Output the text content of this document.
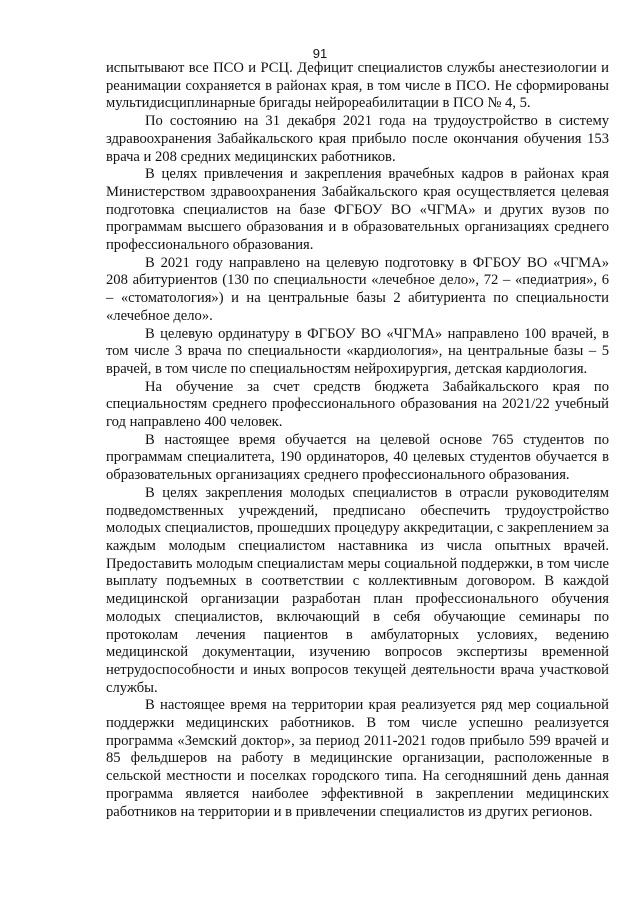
91

испытывают все ПСО и РСЦ. Дефицит специалистов службы анестезиологии и реанимации сохраняется в районах края, в том числе в ПСО. Не сформированы мультидисциплинарные бригады нейрореабилитации в ПСО № 4, 5.

По состоянию на 31 декабря 2021 года на трудоустройство в систему здравоохранения Забайкальского края прибыло после окончания обучения 153 врача и 208 средних медицинских работников.

В целях привлечения и закрепления врачебных кадров в районах края Министерством здравоохранения Забайкальского края осуществляется целевая подготовка специалистов на базе ФГБОУ ВО «ЧГМА» и других вузов по программам высшего образования и в образовательных организациях среднего профессионального образования.

В 2021 году направлено на целевую подготовку в ФГБОУ ВО «ЧГМА» 208 абитуриентов (130 по специальности «лечебное дело», 72 – «педиатрия», 6 – «стоматология») и на центральные базы 2 абитуриента по специальности «лечебное дело».

В целевую ординатуру в ФГБОУ ВО «ЧГМА» направлено 100 врачей, в том числе 3 врача по специальности «кардиология», на центральные базы – 5 врачей, в том числе по специальностям нейрохирургия, детская кардиология.

На обучение за счет средств бюджета Забайкальского края по специальностям среднего профессионального образования на 2021/22 учебный год направлено 400 человек.

В настоящее время обучается на целевой основе 765 студентов по программам специалитета, 190 ординаторов, 40 целевых студентов обучается в образовательных организациях среднего профессионального образования.

В целях закрепления молодых специалистов в отрасли руководителям подведомственных учреждений, предписано обеспечить трудоустройство молодых специалистов, прошедших процедуру аккредитации, с закреплением за каждым молодым специалистом наставника из числа опытных врачей. Предоставить молодым специалистам меры социальной поддержки, в том числе выплату подъемных в соответствии с коллективным договором. В каждой медицинской организации разработан план профессионального обучения молодых специалистов, включающий в себя обучающие семинары по протоколам лечения пациентов в амбулаторных условиях, ведению медицинской документации, изучению вопросов экспертизы временной нетрудоспособности и иных вопросов текущей деятельности врача участковой службы.

В настоящее время на территории края реализуется ряд мер социальной поддержки медицинских работников. В том числе успешно реализуется программа «Земский доктор», за период 2011-2021 годов прибыло 599 врачей и 85 фельдшеров на работу в медицинские организации, расположенные в сельской местности и поселках городского типа. На сегодняшний день данная программа является наиболее эффективной в закреплении медицинских работников на территории и в привлечении специалистов из других регионов.
